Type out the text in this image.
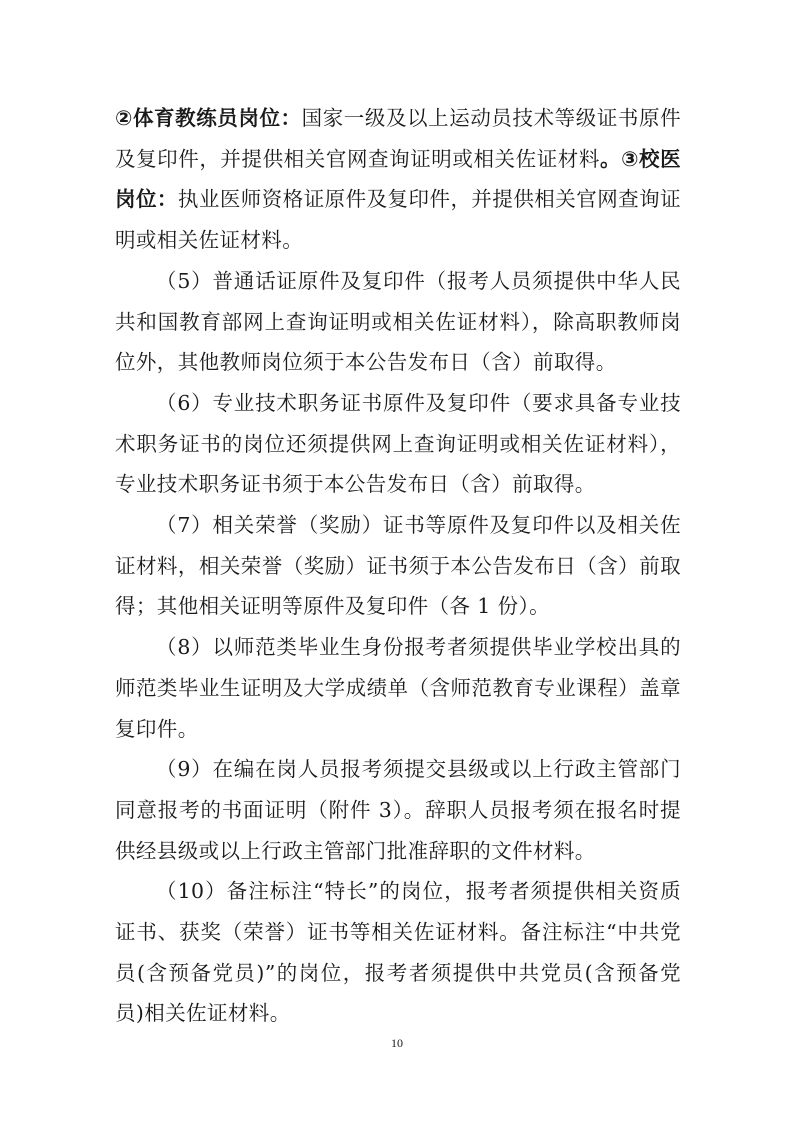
②体育教练员岗位：国家一级及以上运动员技术等级证书原件及复印件，并提供相关官网查询证明或相关佐证材料。③校医岗位：执业医师资格证原件及复印件，并提供相关官网查询证明或相关佐证材料。

（5）普通话证原件及复印件（报考人员须提供中华人民共和国教育部网上查询证明或相关佐证材料），除高职教师岗位外，其他教师岗位须于本公告发布日（含）前取得。

（6）专业技术职务证书原件及复印件（要求具备专业技术职务证书的岗位还须提供网上查询证明或相关佐证材料），专业技术职务证书须于本公告发布日（含）前取得。

（7）相关荣誉（奖励）证书等原件及复印件以及相关佐证材料，相关荣誉（奖励）证书须于本公告发布日（含）前取得；其他相关证明等原件及复印件（各 1 份）。

（8）以师范类毕业生身份报考者须提供毕业学校出具的师范类毕业生证明及大学成绩单（含师范教育专业课程）盖章复印件。

（9）在编在岗人员报考须提交县级或以上行政主管部门同意报考的书面证明（附件 3）。辞职人员报考须在报名时提供经县级或以上行政主管部门批准辞职的文件材料。

（10）备注标注“特长”的岗位，报考者须提供相关资质证书、获奖（荣誉）证书等相关佐证材料。备注标注“中共党员(含预备党员)”的岗位，报考者须提供中共党员(含预备党员)相关佐证材料。

10
